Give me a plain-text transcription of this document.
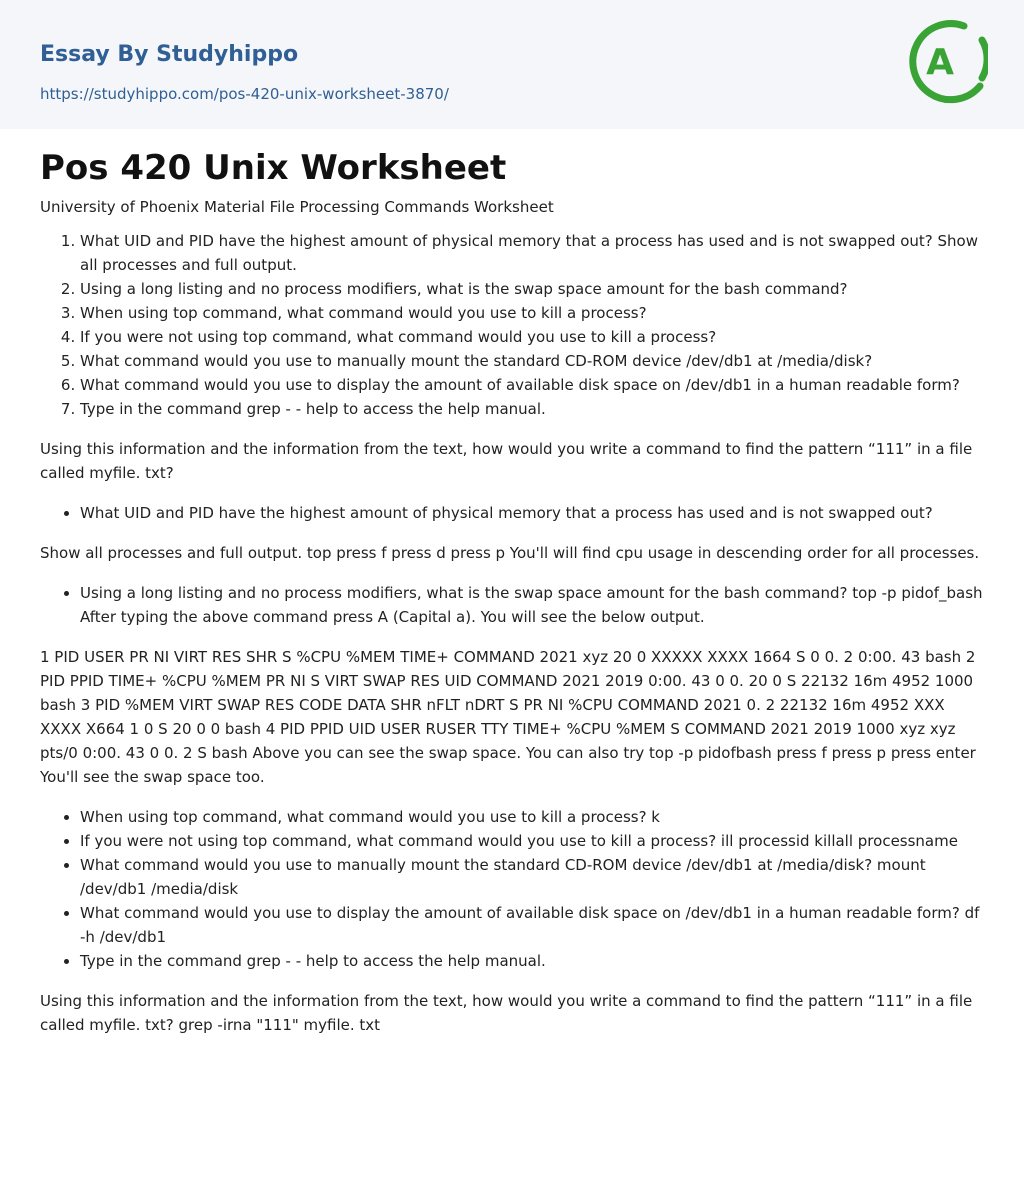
Essay By Studyhippo
https://studyhippo.com/pos-420-unix-worksheet-3870/
A
Pos 420 Unix Worksheet

University of Phoenix Material File Processing Commands Worksheet

1. What UID and PID have the highest amount of physical memory that a process has used and is not swapped out? Show all processes and full output.
2. Using a long listing and no process modifiers, what is the swap space amount for the bash command?
3. When using top command, what command would you use to kill a process?
4. If you were not using top command, what command would you use to kill a process?
5. What command would you use to manually mount the standard CD-ROM device /dev/db1 at /media/disk?
6. What command would you use to display the amount of available disk space on /dev/db1 in a human readable form?
7. Type in the command grep - - help to access the help manual.

Using this information and the information from the text, how would you write a command to find the pattern “111” in a file called myfile. txt?

• What UID and PID have the highest amount of physical memory that a process has used and is not swapped out?

Show all processes and full output. top press f press d press p You'll will find cpu usage in descending order for all processes.

• Using a long listing and no process modifiers, what is the swap space amount for the bash command? top -p pidof_bash After typing the above command press A (Capital a). You will see the below output.

1 PID USER PR NI VIRT RES SHR S %CPU %MEM TIME+ COMMAND 2021 xyz 20 0 XXXXX XXXX 1664 S 0 0. 2 0:00. 43 bash 2 PID PPID TIME+ %CPU %MEM PR NI S VIRT SWAP RES UID COMMAND 2021 2019 0:00. 43 0 0. 20 0 S 22132 16m 4952 1000 bash 3 PID %MEM VIRT SWAP RES CODE DATA SHR nFLT nDRT S PR NI %CPU COMMAND 2021 0. 2 22132 16m 4952 XXX XXXX X664 1 0 S 20 0 0 bash 4 PID PPID UID USER RUSER TTY TIME+ %CPU %MEM S COMMAND 2021 2019 1000 xyz xyz pts/0 0:00. 43 0 0. 2 S bash Above you can see the swap space. You can also try top -p pidofbash press f press p press enter You'll see the swap space too.

• When using top command, what command would you use to kill a process? k
• If you were not using top command, what command would you use to kill a process? ill processid killall processname
• What command would you use to manually mount the standard CD-ROM device /dev/db1 at /media/disk? mount /dev/db1 /media/disk
• What command would you use to display the amount of available disk space on /dev/db1 in a human readable form? df -h /dev/db1
• Type in the command grep - - help to access the help manual.

Using this information and the information from the text, how would you write a command to find the pattern “111” in a file called myfile. txt? grep -irna "111" myfile. txt
